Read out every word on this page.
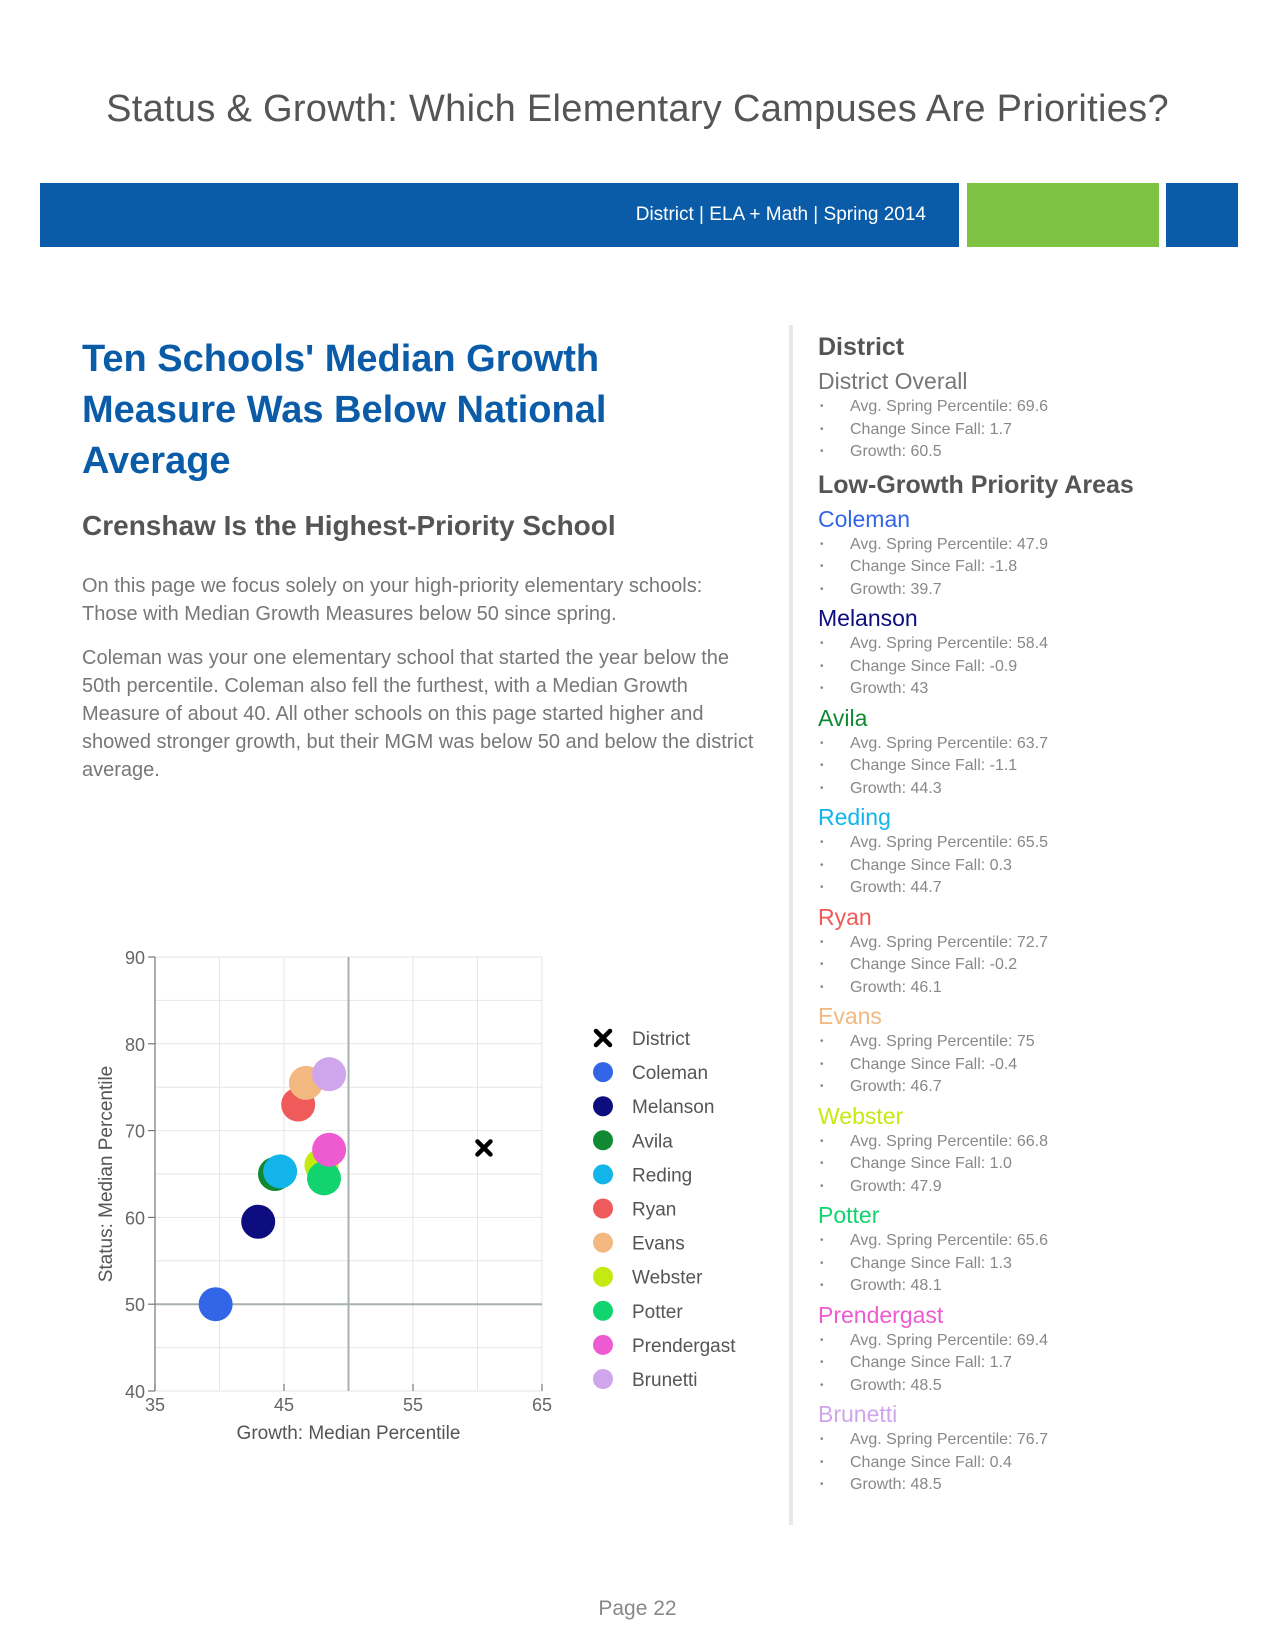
Status & Growth: Which Elementary Campuses Are Priorities?
District | ELA + Math | Spring 2014
Ten Schools' Median Growth Measure Was Below National Average
Crenshaw Is the Highest-Priority School

On this page we focus solely on your high-priority elementary schools: Those with Median Growth Measures below 50 since spring.

Coleman was your one elementary school that started the year below the 50th percentile. Coleman also fell the furthest, with a Median Growth Measure of about 40. All other schools on this page started higher and showed stronger growth, but their MGM was below 50 and below the district average.

40
50
60
70
80
90
35	45	55	65
Growth: Median Percentile
Status: Median Percentile
District
Coleman
Melanson
Avila
Reding
Ryan
Evans
Webster
Potter
Prendergast
Brunetti
District
District Overall
• Avg. Spring Percentile: 69.6
• Change Since Fall: 1.7
• Growth: 60.5
Low-Growth Priority Areas
Coleman
• Avg. Spring Percentile: 47.9
• Change Since Fall: -1.8
• Growth: 39.7
Melanson
• Avg. Spring Percentile: 58.4
• Change Since Fall: -0.9
• Growth: 43
Avila
• Avg. Spring Percentile: 63.7
• Change Since Fall: -1.1
• Growth: 44.3
Reding
• Avg. Spring Percentile: 65.5
• Change Since Fall: 0.3
• Growth: 44.7
Ryan
• Avg. Spring Percentile: 72.7
• Change Since Fall: -0.2
• Growth: 46.1
Evans
• Avg. Spring Percentile: 75
• Change Since Fall: -0.4
• Growth: 46.7
Webster
• Avg. Spring Percentile: 66.8
• Change Since Fall: 1.0
• Growth: 47.9
Potter
• Avg. Spring Percentile: 65.6
• Change Since Fall: 1.3
• Growth: 48.1
Prendergast
• Avg. Spring Percentile: 69.4
• Change Since Fall: 1.7
• Growth: 48.5
Brunetti
• Avg. Spring Percentile: 76.7
• Change Since Fall: 0.4
• Growth: 48.5
Page 22
